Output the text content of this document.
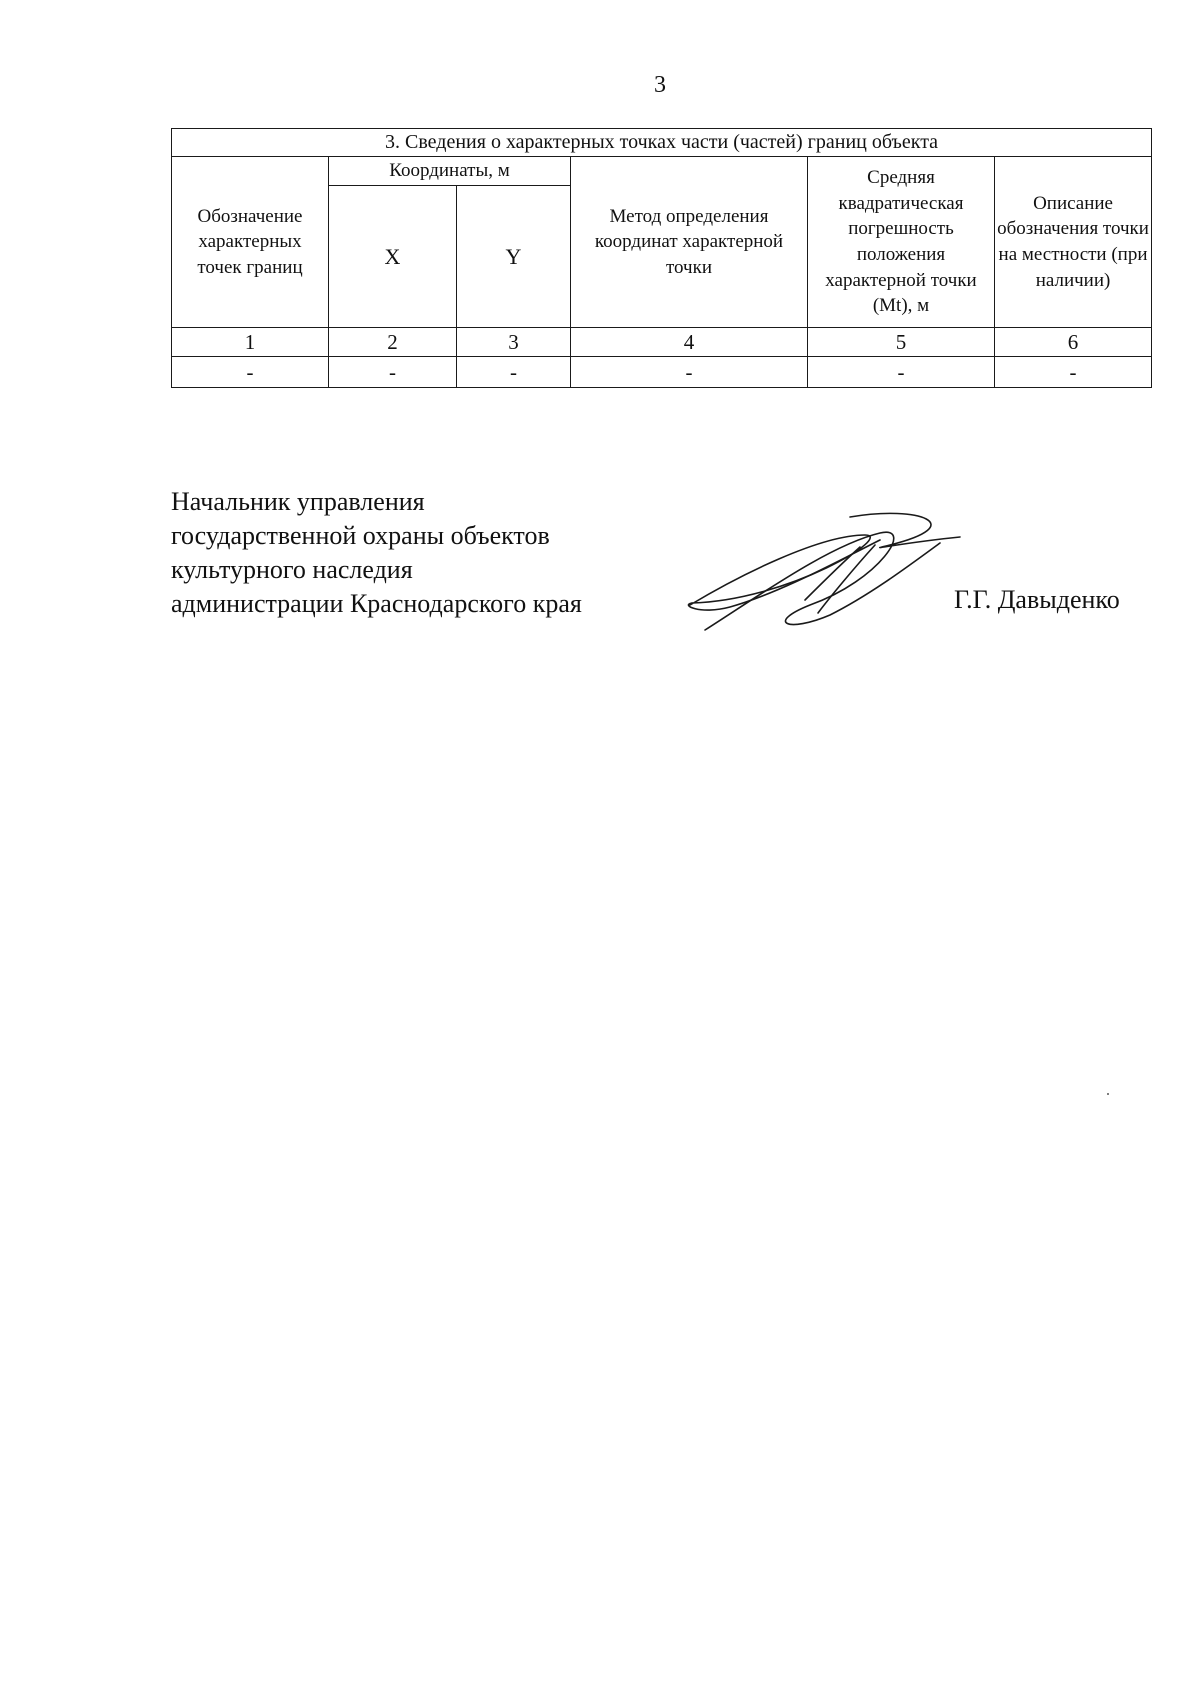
3
3. Сведения о характерных точках части (частей) границ объекта					
Обозначение характерных точек границ	Координаты, м		Метод определения координат характерной точки	Средняя квадратическая погрешность положения характерной точки (Mt), м	Описание обозначения точки на местности (при наличии)
	X	Y			
1	2	3	4	5	6
-	-	-	-	-	-
Начальник управления
государственной охраны объектов
культурного наследия
администрации Краснодарского края	Г.Г. Давыденко
